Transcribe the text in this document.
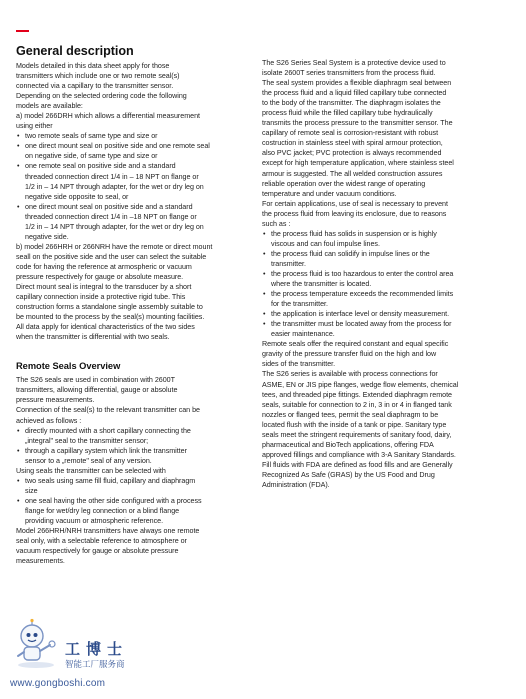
General description

Models detailed in this data sheet apply for those

transmitters which include one or two remote seal(s)

connected via a capillary to the transmitter sensor.

Depending on the selected ordering code the following

models are available:

a) model 266DRH which allows a differential measurement

using either

• two remote seals of same type and size or
• one direct mount seal on positive side and one remote seal
on negative side, of same type and size or
• one remote seal on positive side and a standard
threaded connection direct 1/4 in – 18 NPT on flange or
1/2 in – 14 NPT through adapter, for the wet or dry leg on
negative side opposite to seal, or
• one direct mount seal on positive side and a standard
threaded connection direct 1/4 in –18 NPT on flange or
1/2 in – 14 NPT through adapter, for the wet or dry leg on
negative side.

b) model 266HRH or 266NRH have the remote or direct mount

seall on the positive side and the user can select the suitable

code for having the reference at armospheric or vacuum

pressure respectively for gauge or absolute measure.

Direct mount seal is integral to the transducer by a short

capillary connection inside a protective rigid tube. This

construction forms a standalone single assembly suitable to

be mounted to the process by the seal(s) mounting facilities.

All data apply for identical characteristics of the two sides

when the transmitter is differential with two seals.

Remote Seals Overview

The S26 seals are used in combination with 2600T

transmitters, allowing differential, gauge or absolute

pressure measurements.

Connection of the seal(s) to the relevant transmitter can be

achieved as follows :

• directly mounted with a short capillary connecting the
„integral" seal to the transmitter sensor;
• through a capillary system which link the transmitter
sensor to a „remote" seal of any version.

Using seals the transmitter can be selected with

• two seals using same fill fluid, capillary and diaphragm
size
• one seal having the other side configured with a process
flange for wet/dry leg connection or a blind flange
providing vacuum or atmospheric reference.

Model 266HRH/NRH transmitters have always one remote

seal only, with a selectable reference to atmosphere or

vacuum respectively for gauge or absolute pressure

measurements.

The S26 Series Seal System is a protective device used to

isolate 2600T series transmitters from the process fluid.

The seal system provides a flexible diaphragm seal between

the process fluid and a liquid filled capillary tube connected

to the body of the transmitter. The diaphragm isolates the

process fluid while the filled capillary tube hydraulically

transmits the process pressure to the transmitter sensor. The

capillary of remote seal is corrosion-resistant with robust

costruction in stainless steel with spiral armour protection,

also PVC jacket; PVC protection is always recommended

except for high temperature application, where stainless steel

armour is suggested. The all welded construction assures

reliable operation over the widest range of operating

temperature and under vacuum conditions.

For certain applications, use of seal is necessary to prevent

the process fluid from leaving its enclosure, due to reasons

such as :

• the process fluid has solids in suspension or is highly
viscous and can foul impulse lines.
• the process fluid can solidify in impulse lines or the
transmitter.
• the process fluid is too hazardous to enter the control area
where the transmitter is located.
• the process temperature exceeds the recommended limits
for the transmitter.
• the application is interface level or density measurement.
• the transmitter must be located away from the process for
easier maintenance.

Remote seals offer the required constant and equal specific

gravity of the pressure transfer fluid on the high and low

sides of the transmitter.

The S26 series is available with process connections for

ASME, EN or JIS pipe flanges, wedge flow elements, chemical

tees, and threaded pipe fittings. Extended diaphragm remote

seals, suitable for connection to 2 in, 3 in or 4 in flanged tank

nozzles or flanged tees, permit the seal diaphragm to be

located flush with the inside of a tank or pipe. Sanitary type

seals meet the stringent requirements of sanitary food, dairy,

pharmaceutical and BioTech applications, offering FDA

approved fillings and compliance with 3-A Sanitary Standards.

Fill fluids with FDA are defined as food fills and are Generally

Recognized As Safe (GRAS) by the US Food and Drug

Administration (FDA).

工博士
智能工厂服务商
www.gongboshi.com
